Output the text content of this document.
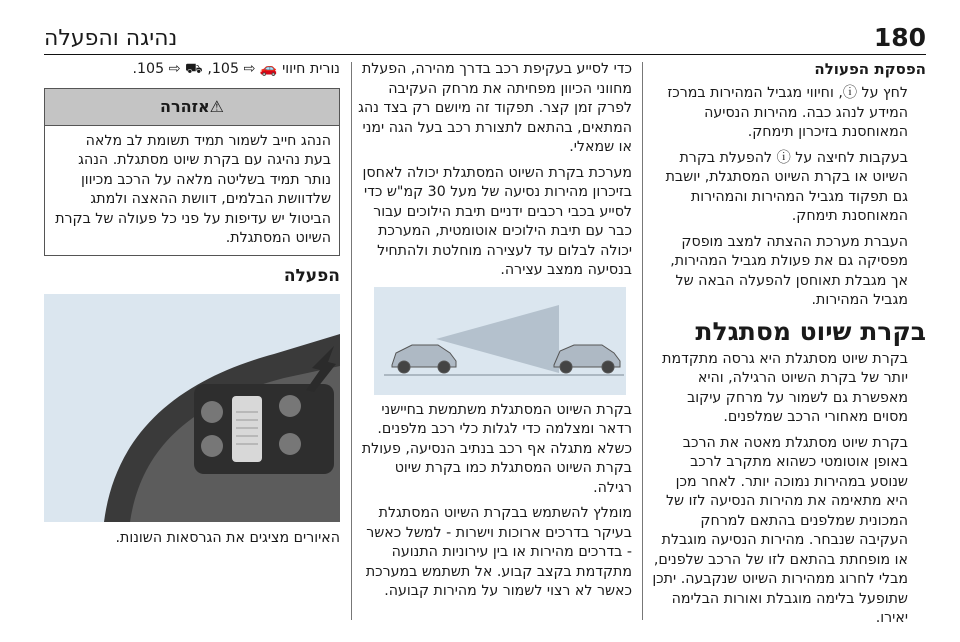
180
נהיגה והפעלה
הפסקת הפעולה

לחץ על ⓘ, וחיווי מגביל המהירות במרכז המידע לנהג כבה. מהירות הנסיעה המאוחסנת בזיכרון תימחק.

בעקבות לחיצה על ⓘ להפעלת בקרת השיוט או בקרת השיוט המסתגלת, יושבת גם תפקוד מגביל המהירות והמהירות המאוחסנת תימחק.

העברת מערכת ההצתה למצב מופסק מפסיקה גם את פעולת מגביל המהירות, אך מגבלת תאוחסן להפעלה הבאה של מגביל המהירות.

בקרת שיוט מסתגלת

בקרת שיוט מסתגלת היא גרסה מתקדמת יותר של בקרת השיוט הרגילה, והיא מאפשרת גם לשמור על מרחק עיקוב מסוים מאחורי הרכב שמלפנים.

בקרת שיוט מסתגלת מאטה את הרכב באופן אוטומטי כשהוא מתקרב לרכב שנוסע במהירות נמוכה יותר. לאחר מכן היא מתאימה את מהירות הנסיעה לזו של המכונית שמלפנים בהתאם למרחק העקיבה שנבחר. מהירות הנסיעה מוגבלת או מופחתת בהתאם לזו של הרכב שלפנים, מבלי לחרוג ממהירות השיוט שנקבעה. יתכן שתופעל בלימה מוגבלת ואורות הבלימה יאירו.

כדי לסייע בעקיפת רכב בדרך מהירה, הפעלת מחווני הכיוון מפחיתה את מרחק העקיבה לפרק זמן קצר. תפקוד זה מיושם רק בצד נהג המתאים, בהתאם לתצורת רכב בעל הגה ימני או שמאלי.

מערכת בקרת השיוט המסתגלת יכולה לאחסן בזיכרון מהירות נסיעה של מעל 30 קמ"ש כדי לסייע בכבי רכבים ידניים תיבת הילוכים עבור כבר עם תיבת הילוכים אוטומטית, המערכת יכולה לבלום עד לעצירה מוחלטת ולהתחיל בנסיעה ממצב עצירה.

בקרת השיוט המסתגלת משתמשת בחיישני רדאר ומצלמה כדי לגלות כלי רכב מלפנים. כשלא מתגלה אף רכב בנתיב הנסיעה, פעולת בקרת השיוט המסתגלת כמו בקרת שיוט רגילה.

מומלץ להשתמש בבקרת השיוט המסתגלת בעיקר בדרכים ארוכות וישרות - למשל כאשר - בדרכים מהירות או בין עירוניות התנועה מתקדמת בקצב קבוע. אל תשתמש במערכת כאשר לא רצוי לשמור על מהירות קבועה.

נורית חיווי 🚗 ⇨ 105, ⛟ ⇨ 105.

⚠אזהרה
הנהג חייב לשמור תמיד תשומת לב מלאה בעת נהיגה עם בקרת שיוט מסתגלת. הנהג נותר תמיד בשליטה מלאה על הרכב מכיוון שלדוושת הבלמים, דוושת ההאצה ולמתג הביטול יש עדיפות על פני כל פעולה של בקרת השיוט המסתגלת.
הפעלה
האיורים מציגים את הגרסאות השונות.
